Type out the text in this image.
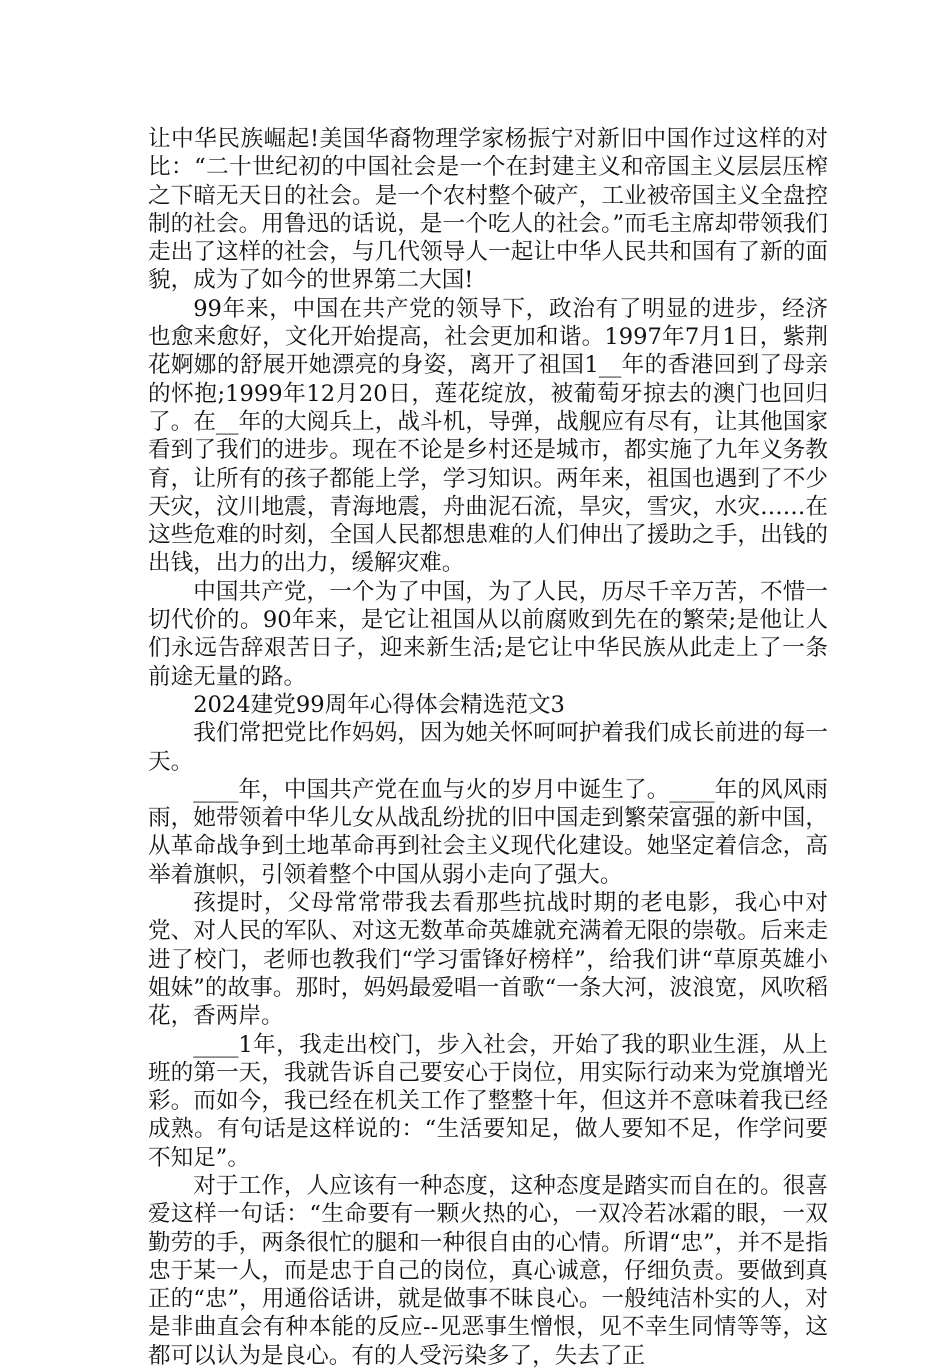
让中华民族崛起!美国华裔物理学家杨振宁对新旧中国作过这样的对比：“二十世纪初的中国社会是一个在封建主义和帝国主义层层压榨之下暗无天日的社会。是一个农村整个破产，工业被帝国主义全盘控制的社会。用鲁迅的话说，是一个吃人的社会。”而毛主席却带领我们走出了这样的社会，与几代领导人一起让中华人民共和国有了新的面貌，成为了如今的世界第二大国!

99年来，中国在共产党的领导下，政治有了明显的进步，经济也愈来愈好，文化开始提高，社会更加和谐。1997年7月1日，紫荆花婀娜的舒展开她漂亮的身姿，离开了祖国1__年的香港回到了母亲的怀抱;1999年12月20日，莲花绽放，被葡萄牙掠去的澳门也回归了。在__年的大阅兵上，战斗机，导弹，战舰应有尽有，让其他国家看到了我们的进步。现在不论是乡村还是城市，都实施了九年义务教育，让所有的孩子都能上学，学习知识。两年来，祖国也遇到了不少天灾，汶川地震，青海地震，舟曲泥石流，旱灾，雪灾，水灾……在这些危难的时刻，全国人民都想患难的人们伸出了援助之手，出钱的出钱，出力的出力，缓解灾难。

中国共产党，一个为了中国，为了人民，历尽千辛万苦，不惜一切代价的。90年来，是它让祖国从以前腐败到先在的繁荣;是他让人们永远告辞艰苦日子，迎来新生活;是它让中华民族从此走上了一条前途无量的路。

2024建党99周年心得体会精选范文3

我们常把党比作妈妈，因为她关怀呵呵护着我们成长前进的每一天。

____年，中国共产党在血与火的岁月中诞生了。____年的风风雨雨，她带领着中华儿女从战乱纷扰的旧中国走到繁荣富强的新中国，从革命战争到土地革命再到社会主义现代化建设。她坚定着信念，高举着旗帜，引领着整个中国从弱小走向了强大。

孩提时，父母常常带我去看那些抗战时期的老电影，我心中对党、对人民的军队、对这无数革命英雄就充满着无限的崇敬。后来走进了校门，老师也教我们“学习雷锋好榜样”，给我们讲“草原英雄小姐妹”的故事。那时，妈妈最爱唱一首歌“一条大河，波浪宽，风吹稻花，香两岸。

____1年，我走出校门，步入社会，开始了我的职业生涯，从上班的第一天，我就告诉自己要安心于岗位，用实际行动来为党旗增光彩。而如今，我已经在机关工作了整整十年，但这并不意味着我已经成熟。有句话是这样说的：“生活要知足，做人要知不足，作学问要不知足”。

对于工作，人应该有一种态度，这种态度是踏实而自在的。很喜爱这样一句话：“生命要有一颗火热的心，一双冷若冰霜的眼，一双勤劳的手，两条很忙的腿和一种很自由的心情。所谓“忠”，并不是指忠于某一人，而是忠于自己的岗位，真心诚意，仔细负责。要做到真正的“忠”，用通俗话讲，就是做事不昧良心。一般纯洁朴实的人，对是非曲直会有种本能的反应--见恶事生憎恨，见不幸生同情等等，这都可以认为是良心。有的人受污染多了，失去了正
